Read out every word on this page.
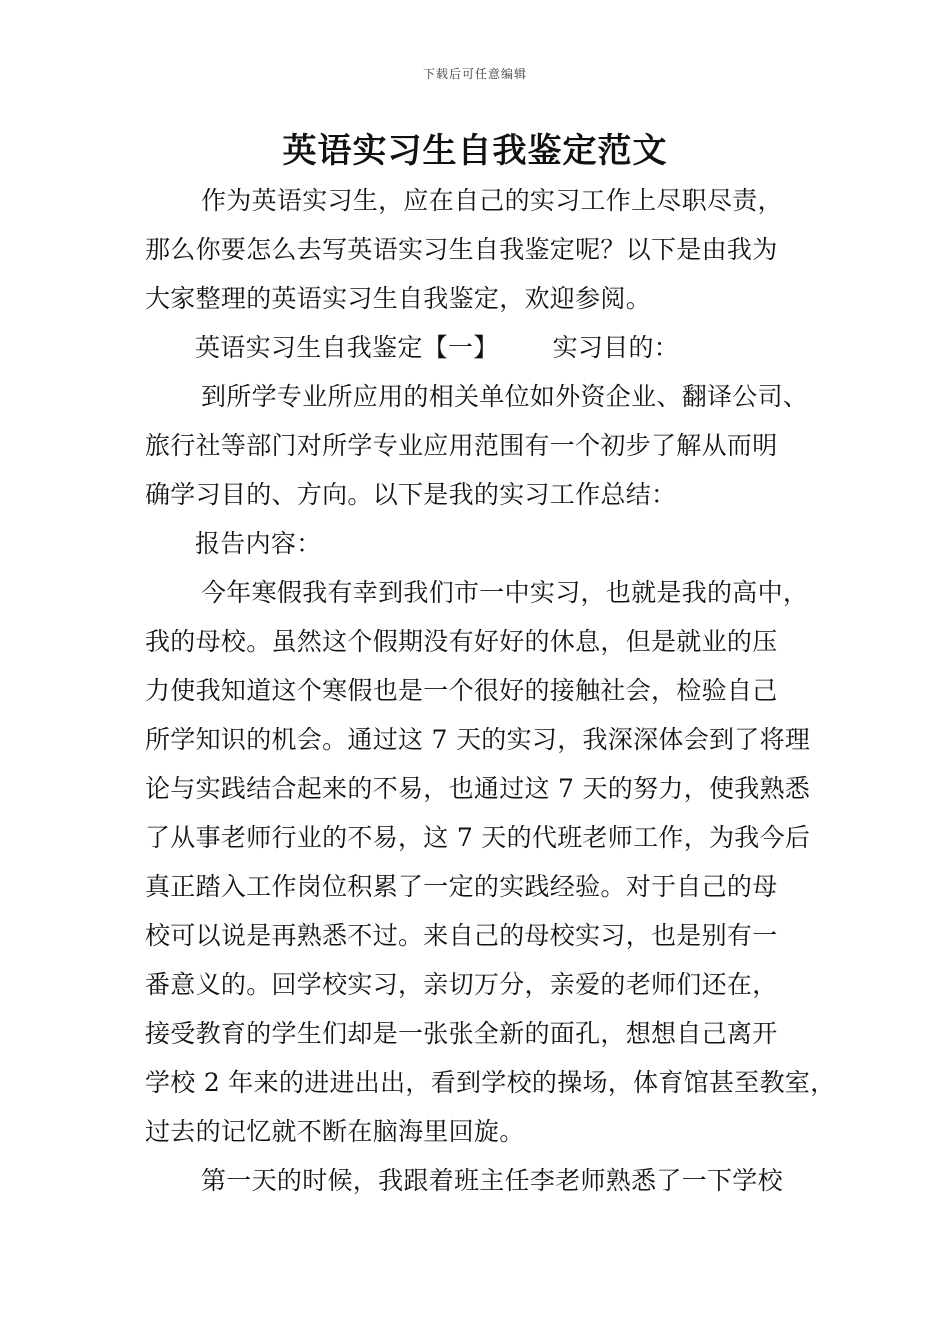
下载后可任意编辑
英语实习生自我鉴定范文
作为英语实习生，应在自己的实习工作上尽职尽责，
那么你要怎么去写英语实习生自我鉴定呢？以下是由我为
大家整理的英语实习生自我鉴定，欢迎参阅。
英语实习生自我鉴定【一】 实习目的：
到所学专业所应用的相关单位如外资企业、翻译公司、
旅行社等部门对所学专业应用范围有一个初步了解从而明
确学习目的、方向。以下是我的实习工作总结：
报告内容：
今年寒假我有幸到我们市一中实习，也就是我的高中，
我的母校。虽然这个假期没有好好的休息，但是就业的压
力使我知道这个寒假也是一个很好的接触社会，检验自己
所学知识的机会。通过这 7 天的实习，我深深体会到了将理
论与实践结合起来的不易，也通过这 7 天的努力，使我熟悉
了从事老师行业的不易，这 7 天的代班老师工作，为我今后
真正踏入工作岗位积累了一定的实践经验。对于自己的母
校可以说是再熟悉不过。来自己的母校实习，也是别有一
番意义的。回学校实习，亲切万分，亲爱的老师们还在，
接受教育的学生们却是一张张全新的面孔，想想自己离开
学校 2 年来的进进出出，看到学校的操场，体育馆甚至教室，
过去的记忆就不断在脑海里回旋。
第一天的时候，我跟着班主任李老师熟悉了一下学校
